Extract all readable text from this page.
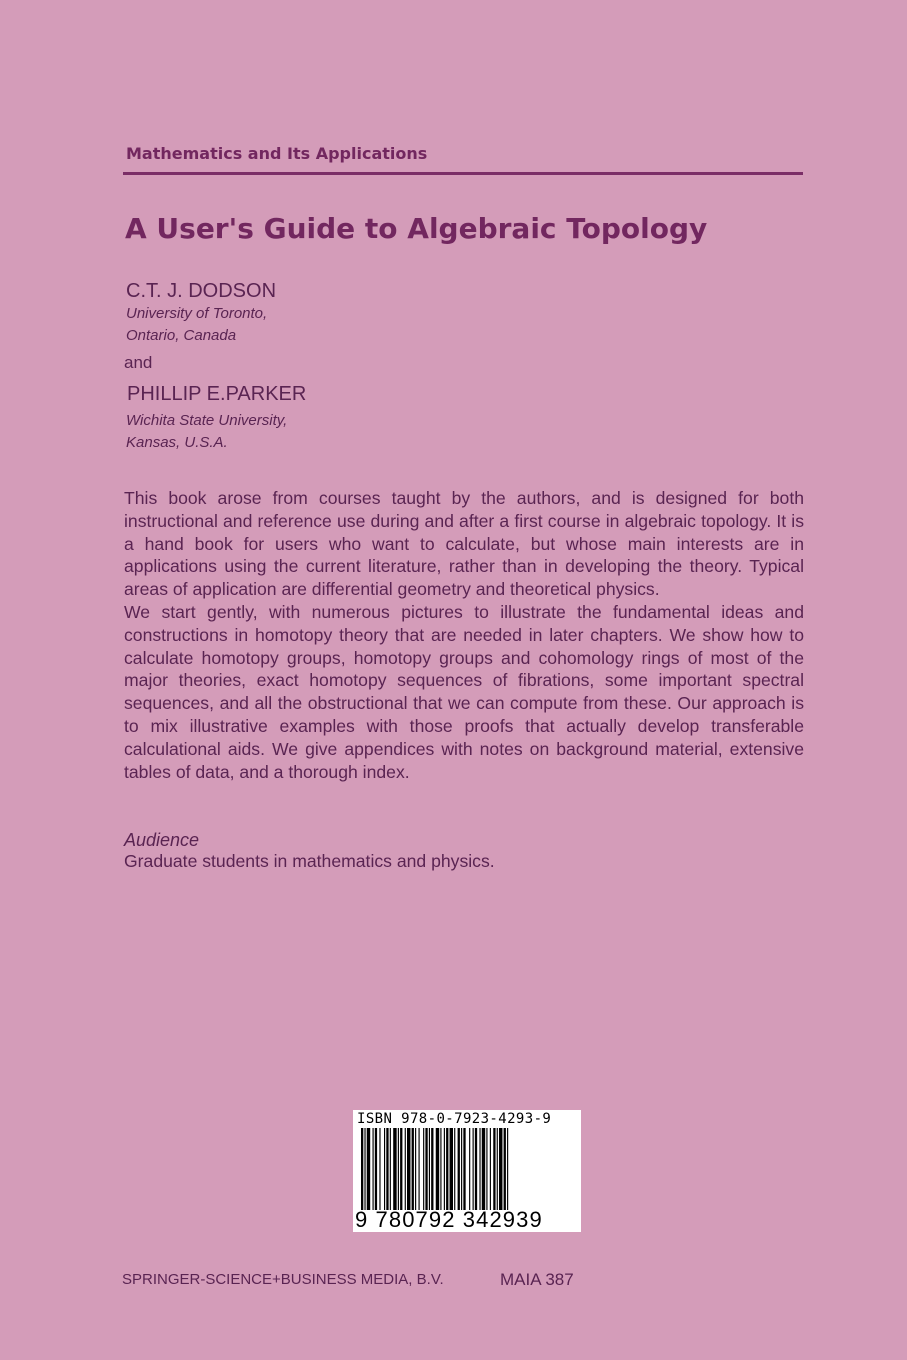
Mathematics and Its Applications
A User's Guide to Algebraic Topology
C.T. J. DODSON
University of Toronto,
Ontario, Canada
and
PHILLIP E.PARKER
Wichita State University,
Kansas, U.S.A.

This book arose from courses taught by the authors, and is designed for both instructional and reference use during and after a first course in algebraic topology. It is a hand book for users who want to calculate, but whose main interests are in applications using the current literature, rather than in developing the theory. Typical areas of application are differential geometry and theoretical physics.

We start gently, with numerous pictures to illustrate the fundamental ideas and constructions in homotopy theory that are needed in later chapters. We show how to calculate homotopy groups, homotopy groups and cohomology rings of most of the major theories, exact homotopy sequences of fibrations, some important spectral sequences, and all the obstructional that we can compute from these. Our approach is to mix illustrative examples with those proofs that actually develop transferable calculational aids. We give appendices with notes on background material, extensive tables of data, and a thorough index.

Audience
Graduate students in mathematics and physics.
ISBN 978-0-7923-4293-9
9 780792 342939
SPRINGER-SCIENCE+BUSINESS MEDIA, B.V.	MAIA 387
